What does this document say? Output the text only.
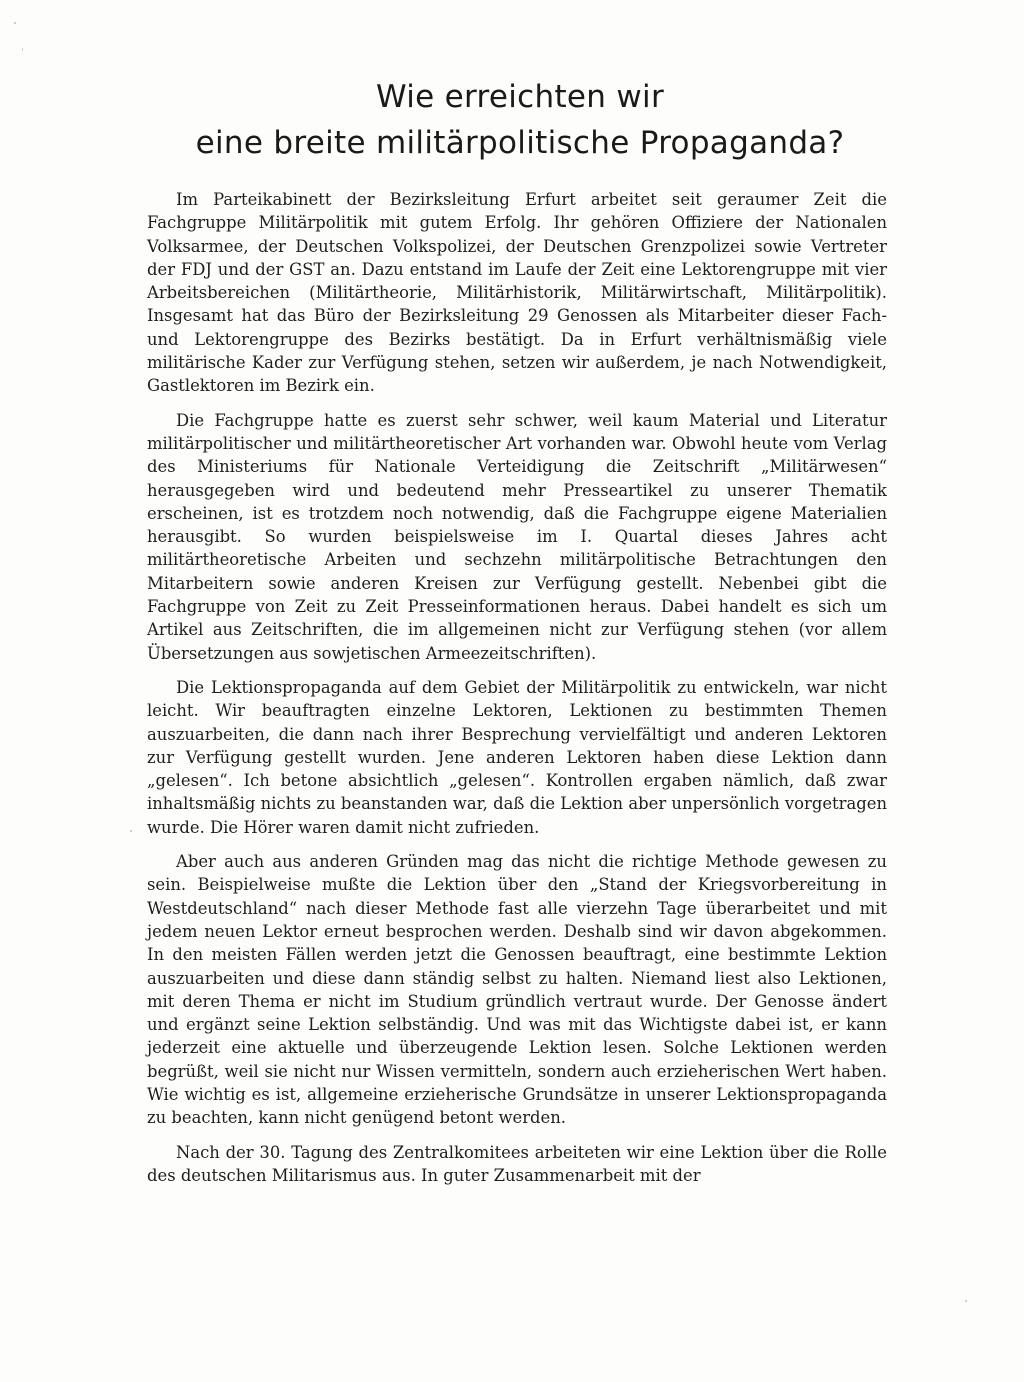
Wie erreichten wir
eine breite militärpolitische Propaganda?

Im Parteikabinett der Bezirksleitung Erfurt arbeitet seit geraumer Zeit die Fachgruppe Militärpolitik mit gutem Erfolg. Ihr gehören Offiziere der Nationalen Volksarmee, der Deutschen Volkspolizei, der Deutschen Grenzpolizei sowie Vertreter der FDJ und der GST an. Dazu entstand im Laufe der Zeit eine Lektorengruppe mit vier Arbeitsbereichen (Militärtheorie, Militärhistorik, Militärwirtschaft, Militärpolitik). Insgesamt hat das Büro der Bezirksleitung 29 Genossen als Mitarbeiter dieser Fach- und Lektorengruppe des Bezirks bestätigt. Da in Erfurt verhältnismäßig viele militärische Kader zur Verfügung stehen, setzen wir außerdem, je nach Notwendigkeit, Gastlektoren im Bezirk ein.

Die Fachgruppe hatte es zuerst sehr schwer, weil kaum Material und Literatur militärpolitischer und militärtheoretischer Art vorhanden war. Obwohl heute vom Verlag des Ministeriums für Nationale Verteidigung die Zeitschrift „Militärwesen“ herausgegeben wird und bedeutend mehr Presseartikel zu unserer Thematik erscheinen, ist es trotzdem noch notwendig, daß die Fachgruppe eigene Materialien herausgibt. So wurden beispielsweise im I. Quartal dieses Jahres acht militärtheoretische Arbeiten und sechzehn militärpolitische Betrachtungen den Mitarbeitern sowie anderen Kreisen zur Verfügung gestellt. Nebenbei gibt die Fachgruppe von Zeit zu Zeit Presseinformationen heraus. Dabei handelt es sich um Artikel aus Zeitschriften, die im allgemeinen nicht zur Verfügung stehen (vor allem Übersetzungen aus sowjetischen Armeezeitschriften).

Die Lektionspropaganda auf dem Gebiet der Militärpolitik zu entwickeln, war nicht leicht. Wir beauftragten einzelne Lektoren, Lektionen zu bestimmten Themen auszuarbeiten, die dann nach ihrer Besprechung vervielfältigt und anderen Lektoren zur Verfügung gestellt wurden. Jene anderen Lektoren haben diese Lektion dann „gelesen“. Ich betone absichtlich „gelesen“. Kontrollen ergaben nämlich, daß zwar inhaltsmäßig nichts zu beanstanden war, daß die Lektion aber unpersönlich vorgetragen wurde. Die Hörer waren damit nicht zufrieden.

Aber auch aus anderen Gründen mag das nicht die richtige Methode gewesen zu sein. Beispielweise mußte die Lektion über den „Stand der Kriegsvorbereitung in Westdeutschland“ nach dieser Methode fast alle vierzehn Tage überarbeitet und mit jedem neuen Lektor erneut besprochen werden. Deshalb sind wir davon abgekommen. In den meisten Fällen werden jetzt die Genossen beauftragt, eine bestimmte Lektion auszuarbeiten und diese dann ständig selbst zu halten. Niemand liest also Lektionen, mit deren Thema er nicht im Studium gründlich vertraut wurde. Der Genosse ändert und ergänzt seine Lektion selbständig. Und was mit das Wichtigste dabei ist, er kann jederzeit eine aktuelle und überzeugende Lektion lesen. Solche Lektionen werden begrüßt, weil sie nicht nur Wissen vermitteln, sondern auch erzieherischen Wert haben. Wie wichtig es ist, allgemeine erzieherische Grundsätze in unserer Lektionspropaganda zu beachten, kann nicht genügend betont werden.

Nach der 30. Tagung des Zentralkomitees arbeiteten wir eine Lektion über die Rolle des deutschen Militarismus aus. In guter Zusammenarbeit mit der
